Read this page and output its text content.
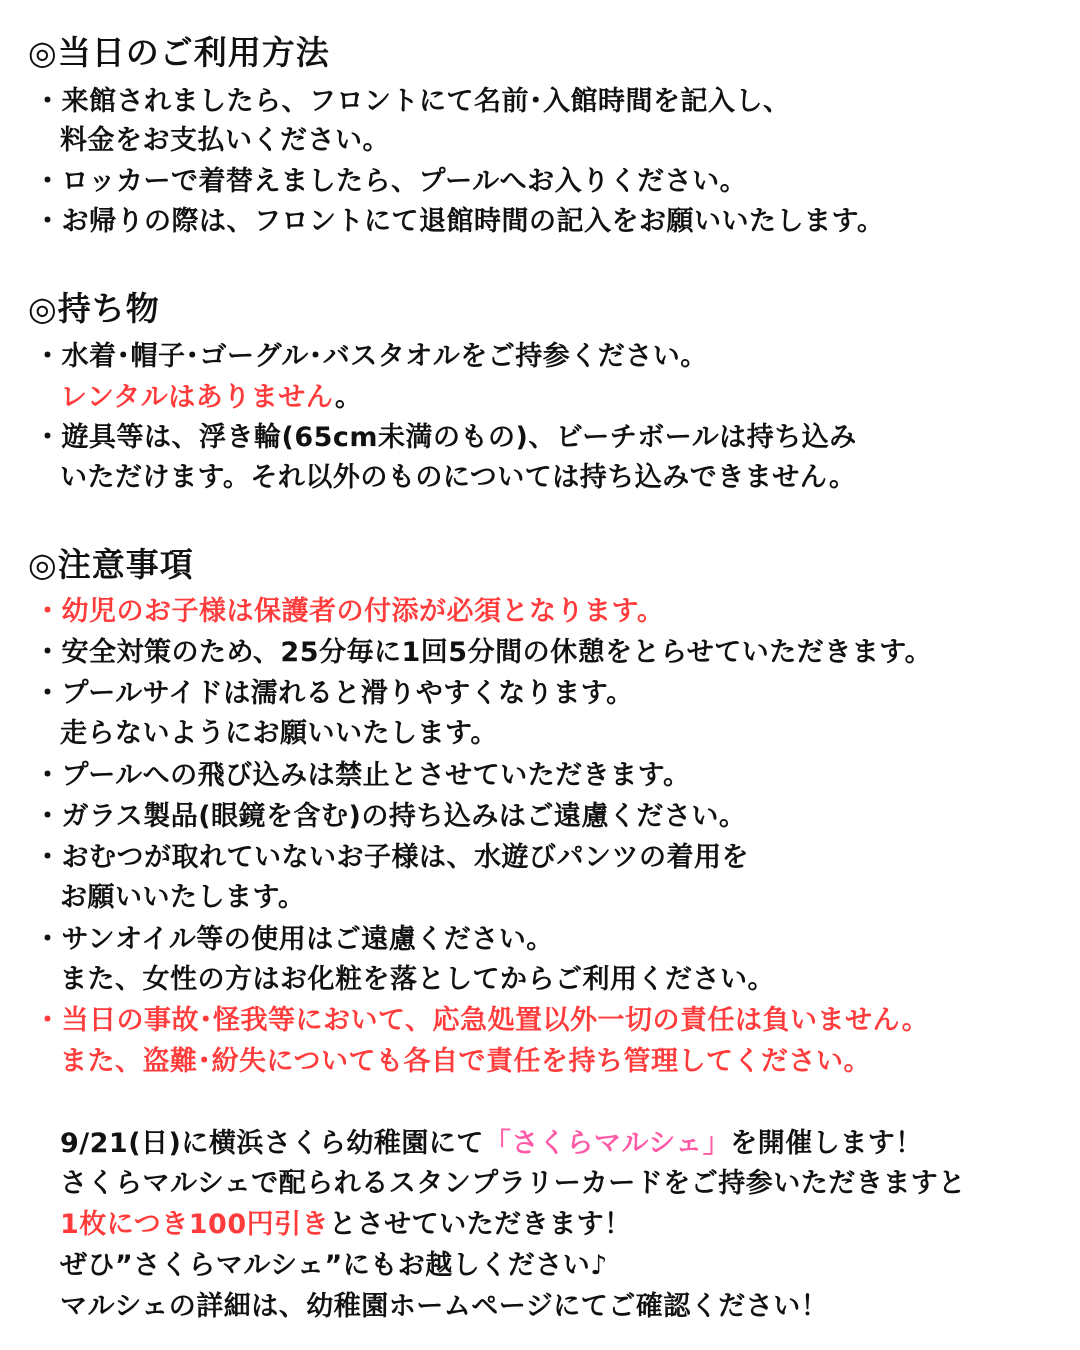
◎当日のご利用方法
・来館されましたら、フロントにて名前･入館時間を記入し、
料金をお支払いください。
・ロッカーで着替えましたら、プールへお入りください。
・お帰りの際は、フロントにて退館時間の記入をお願いいたします。
◎持ち物
・水着･帽子･ゴーグル･バスタオルをご持参ください。
レンタルはありません。
・遊具等は、浮き輪(65cm未満のもの)、ビーチボールは持ち込み
いただけます。それ以外のものについては持ち込みできません。
◎注意事項
・幼児のお子様は保護者の付添が必須となります。
・安全対策のため、25分毎に1回5分間の休憩をとらせていただきます。
・プールサイドは濡れると滑りやすくなります。
走らないようにお願いいたします。
・プールへの飛び込みは禁止とさせていただきます。
・ガラス製品(眼鏡を含む)の持ち込みはご遠慮ください。
・おむつが取れていないお子様は、水遊びパンツの着用を
お願いいたします。
・サンオイル等の使用はご遠慮ください。
また、女性の方はお化粧を落としてからご利用ください。
・当日の事故･怪我等において、応急処置以外一切の責任は負いません。
また、盗難･紛失についても各自で責任を持ち管理してください。
9/21(日)に横浜さくら幼稚園にて「さくらマルシェ」を開催します！
さくらマルシェで配られるスタンプラリーカードをご持参いただきますと
1枚につき100円引きとさせていただきます！
ぜひ”さくらマルシェ”にもお越しください♪
マルシェの詳細は、幼稚園ホームページにてご確認ください！
